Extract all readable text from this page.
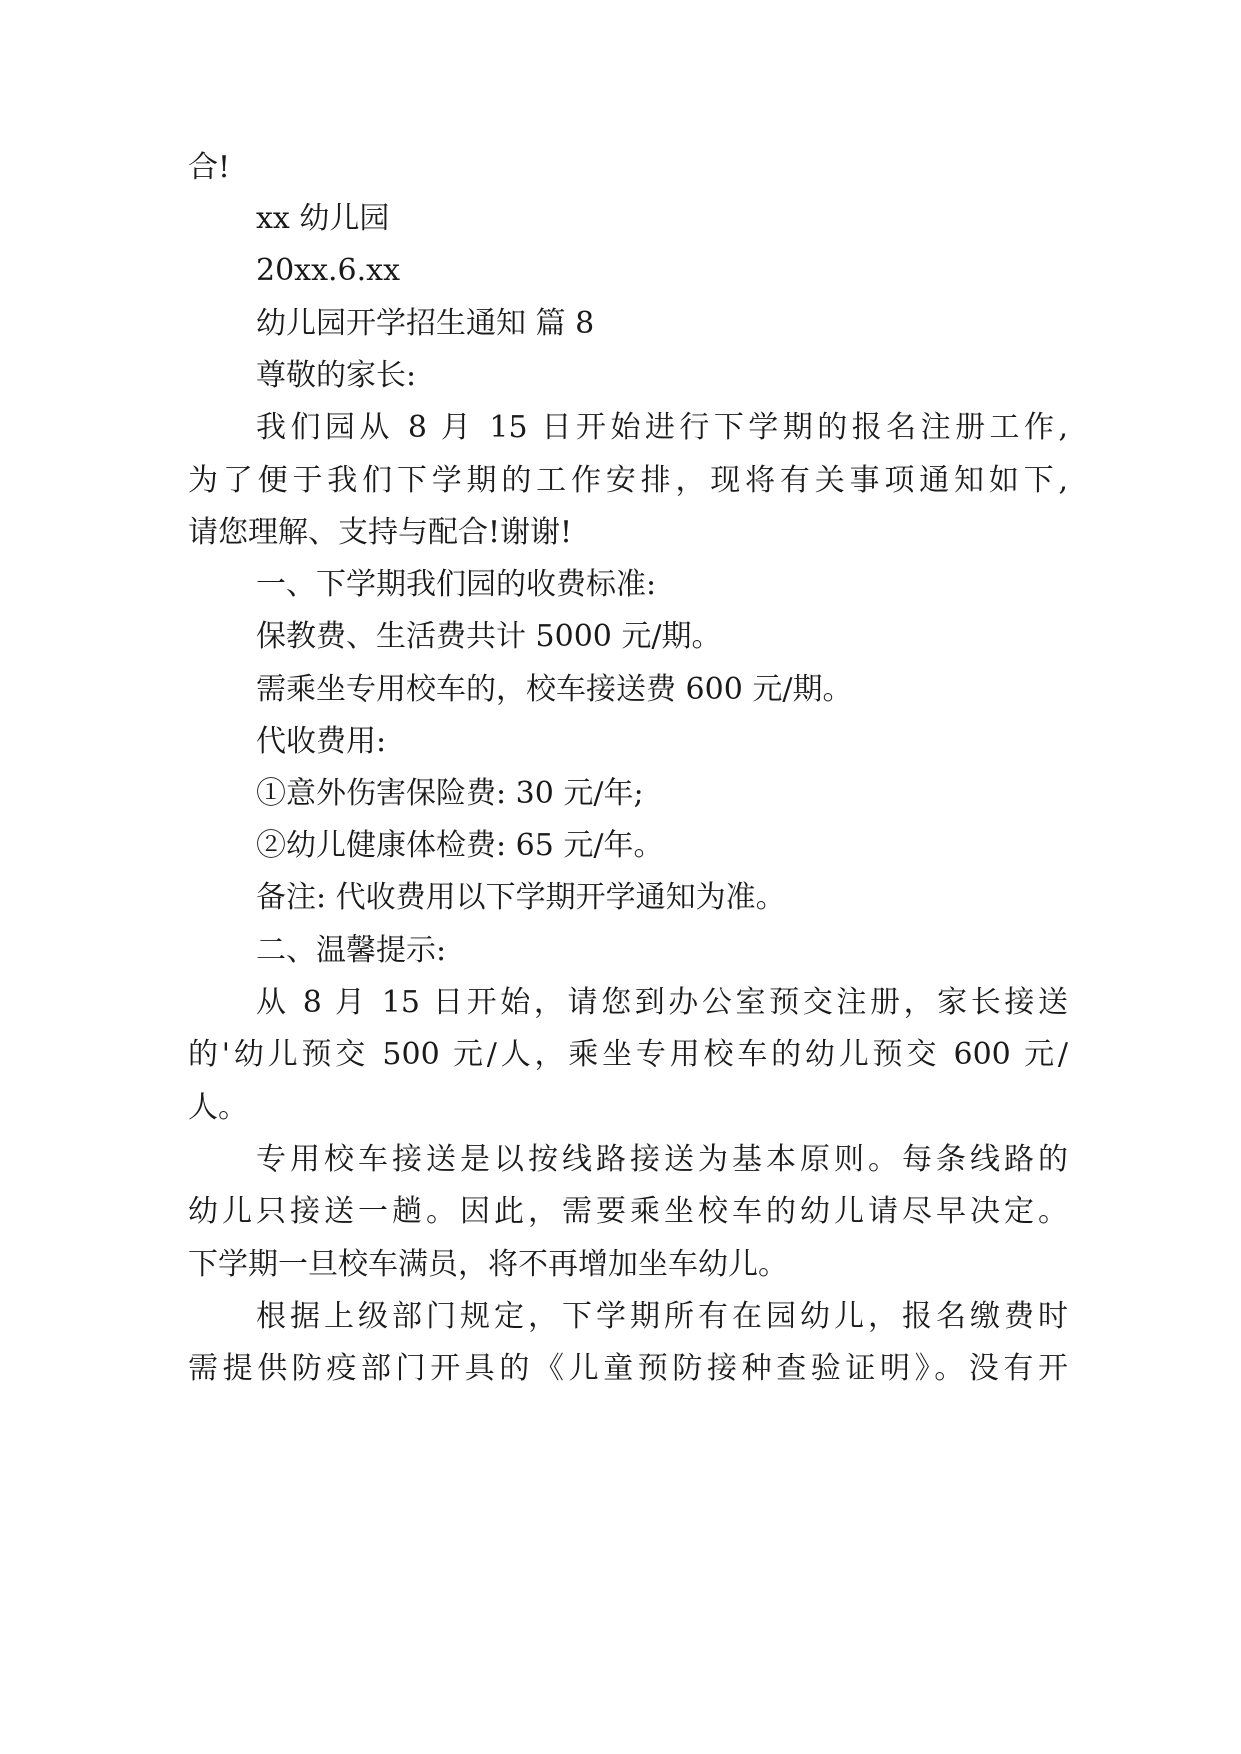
合!
xx 幼儿园
20xx.6.xx
幼儿园开学招生通知 篇 8
尊敬的家长:
我们园从 8 月 15 日开始进行下学期的报名注册工作,
为了便于我们下学期的工作安排，现将有关事项通知如下,
请您理解、支持与配合!谢谢!
一、下学期我们园的收费标准:
保教费、生活费共计 5000 元/期。
需乘坐专用校车的，校车接送费 600 元/期。
代收费用:
①意外伤害保险费: 30 元/年;
②幼儿健康体检费: 65 元/年。
备注: 代收费用以下学期开学通知为准。
二、温馨提示:
从 8 月 15 日开始，请您到办公室预交注册，家长接送
的'幼儿预交 500 元/人，乘坐专用校车的幼儿预交 600 元/
人。
专用校车接送是以按线路接送为基本原则。每条线路的
幼儿只接送一趟。因此，需要乘坐校车的幼儿请尽早决定。
下学期一旦校车满员，将不再增加坐车幼儿。
根据上级部门规定，下学期所有在园幼儿，报名缴费时
需提供防疫部门开具的《儿童预防接种查验证明》。没有开
